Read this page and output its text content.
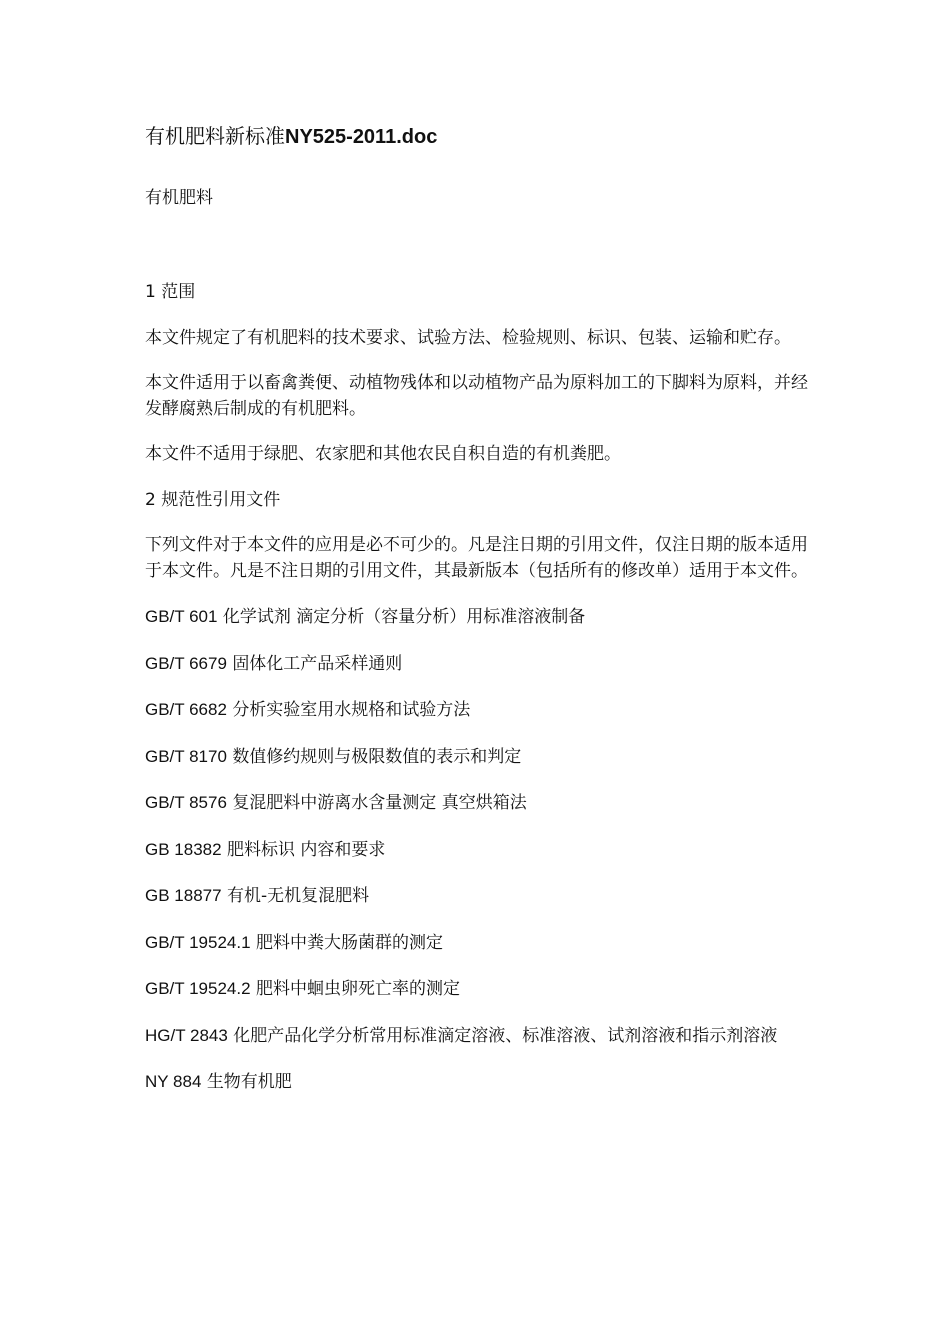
有机肥料新标准NY525-2011.doc

有机肥料

1 范围

本文件规定了有机肥料的技术要求、试验方法、检验规则、标识、包装、运输和贮存。

本文件适用于以畜禽粪便、动植物残体和以动植物产品为原料加工的下脚料为原料，并经发酵腐熟后制成的有机肥料。

本文件不适用于绿肥、农家肥和其他农民自积自造的有机粪肥。

2 规范性引用文件

下列文件对于本文件的应用是必不可少的。凡是注日期的引用文件，仅注日期的版本适用于本文件。凡是不注日期的引用文件，其最新版本（包括所有的修改单）适用于本文件。

GB/T 601 化学试剂 滴定分析（容量分析）用标准溶液制备

GB/T 6679 固体化工产品采样通则

GB/T 6682 分析实验室用水规格和试验方法

GB/T 8170 数值修约规则与极限数值的表示和判定

GB/T 8576 复混肥料中游离水含量测定 真空烘箱法

GB 18382 肥料标识 内容和要求

GB 18877 有机-无机复混肥料

GB/T 19524.1 肥料中粪大肠菌群的测定

GB/T 19524.2 肥料中蛔虫卵死亡率的测定

HG/T 2843 化肥产品化学分析常用标准滴定溶液、标准溶液、试剂溶液和指示剂溶液

NY 884 生物有机肥
